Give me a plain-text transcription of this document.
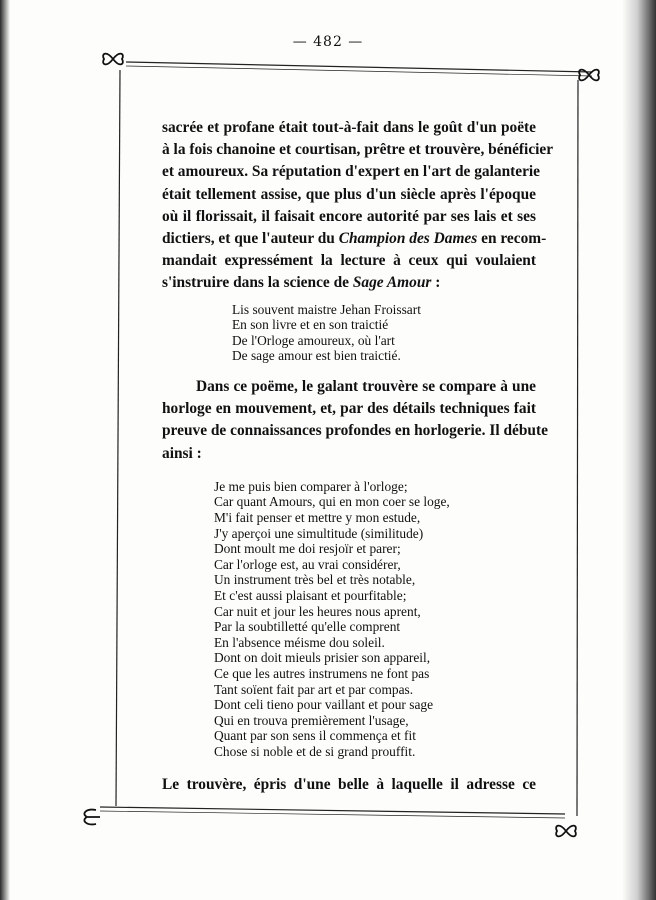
— 482 —

sacrée et profane était tout-à-fait dans le goût d'un poëte
à la fois chanoine et courtisan, prêtre et trouvère, bénéficier
et amoureux. Sa réputation d'expert en l'art de galanterie
était tellement assise, que plus d'un siècle après l'époque
où il florissait, il faisait encore autorité par ses lais et ses
dictiers, et que l'auteur du Champion des Dames en recom-
mandait expressément la lecture à ceux qui voulaient
s'instruire dans la science de Sage Amour :

Lis souvent maistre Jehan Froissart
En son livre et en son traictié
De l'Orloge amoureux, où l'art
De sage amour est bien traictié.

Dans ce poëme, le galant trouvère se compare à une
horloge en mouvement, et, par des détails techniques fait
preuve de connaissances profondes en horlogerie. Il débute
ainsi :

Je me puis bien comparer à l'orloge;
Car quant Amours, qui en mon coer se loge,
M'i fait penser et mettre y mon estude,
J'y aperçoi une simultitude (similitude)
Dont moult me doi resjoïr et parer;
Car l'orloge est, au vrai considérer,
Un instrument très bel et très notable,
Et c'est aussi plaisant et pourfitable;
Car nuit et jour les heures nous aprent,
Par la soubtilletté qu'elle comprent
En l'absence méisme dou soleil.
Dont on doit mieuls prisier son appareil,
Ce que les autres instrumens ne font pas
Tant soïent fait par art et par compas.
Dont celi tieno pour vaillant et pour sage
Qui en trouva premièrement l'usage,
Quant par son sens il commença et fit
Chose si noble et de si grand prouffit.

Le trouvère, épris d'une belle à laquelle il adresse ce
